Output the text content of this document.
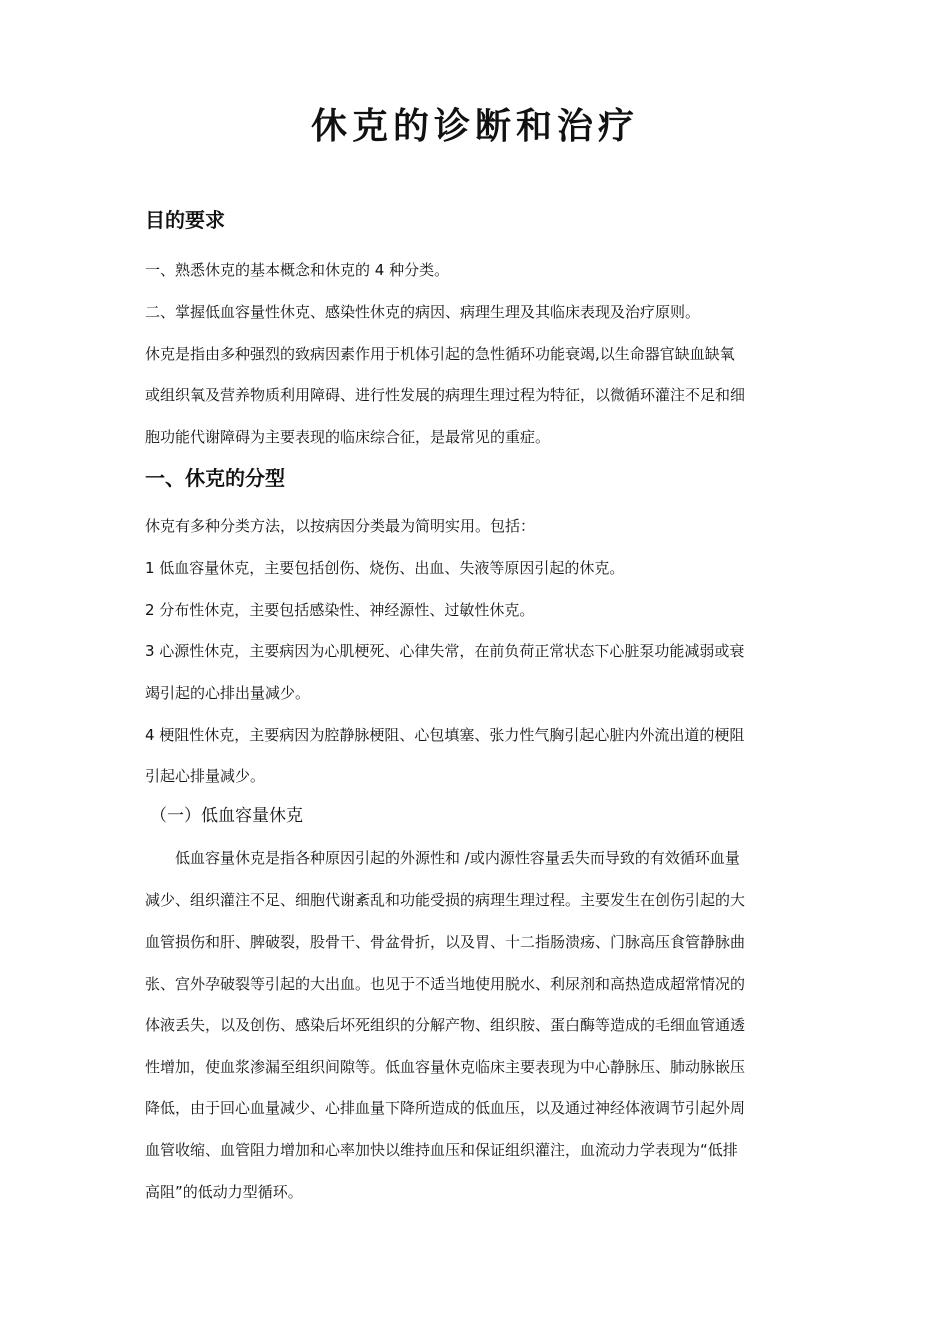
休克的诊断和治疗
目的要求
一、熟悉休克的基本概念和休克的 4 种分类。
二、掌握低血容量性休克、感染性休克的病因、病理生理及其临床表现及治疗原则。
休克是指由多种强烈的致病因素作用于机体引起的急性循环功能衰竭,以生命器官缺血缺氧
或组织氧及营养物质利用障碍、进行性发展的病理生理过程为特征，以微循环灌注不足和细
胞功能代谢障碍为主要表现的临床综合征，是最常见的重症。
一、休克的分型
休克有多种分类方法，以按病因分类最为简明实用。包括：
1 低血容量休克，主要包括创伤、烧伤、出血、失液等原因引起的休克。
2 分布性休克，主要包括感染性、神经源性、过敏性休克。
3 心源性休克，主要病因为心肌梗死、心律失常，在前负荷正常状态下心脏泵功能减弱或衰
竭引起的心排出量减少。
4 梗阻性休克，主要病因为腔静脉梗阻、心包填塞、张力性气胸引起心脏内外流出道的梗阻
引起心排量减少。
（一）低血容量休克
　　低血容量休克是指各种原因引起的外源性和 /或内源性容量丢失而导致的有效循环血量
减少、组织灌注不足、细胞代谢紊乱和功能受损的病理生理过程。主要发生在创伤引起的大
血管损伤和肝、脾破裂，股骨干、骨盆骨折，以及胃、十二指肠溃疡、门脉高压食管静脉曲
张、宫外孕破裂等引起的大出血。也见于不适当地使用脱水、利尿剂和高热造成超常情况的
体液丢失，以及创伤、感染后坏死组织的分解产物、组织胺、蛋白酶等造成的毛细血管通透
性增加，使血浆渗漏至组织间隙等。低血容量休克临床主要表现为中心静脉压、肺动脉嵌压
降低，由于回心血量减少、心排血量下降所造成的低血压，以及通过神经体液调节引起外周
血管收缩、血管阻力增加和心率加快以维持血压和保证组织灌注，血流动力学表现为“低排
高阻”的低动力型循环。
